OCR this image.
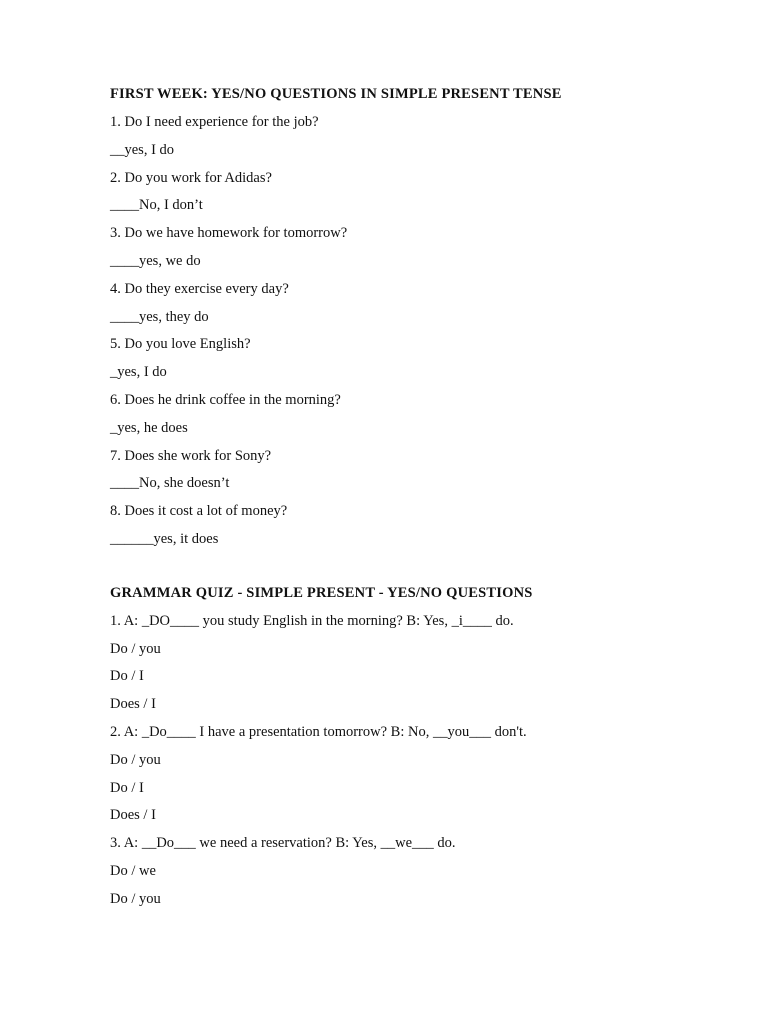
FIRST WEEK: YES/NO QUESTIONS IN SIMPLE PRESENT TENSE
1. Do I need experience for the job?
__yes, I do
2. Do you work for Adidas?
____No, I don’t
3. Do we have homework for tomorrow?
____yes, we do
4. Do they exercise every day?
____yes, they do
5. Do you love English?
_yes, I do
6. Does he drink coffee in the morning?
_yes, he does
7. Does she work for Sony?
____No, she doesn’t
8. Does it cost a lot of money?
______yes, it does
GRAMMAR QUIZ - SIMPLE PRESENT - YES/NO QUESTIONS
1. A: _DO____ you study English in the morning? B: Yes, _i____ do.
Do / you
Do / I
Does / I
2. A: _Do____ I have a presentation tomorrow? B: No, __you___ don't.
Do / you
Do / I
Does / I
3. A: __Do___ we need a reservation? B: Yes, __we___ do.
Do / we
Do / you
